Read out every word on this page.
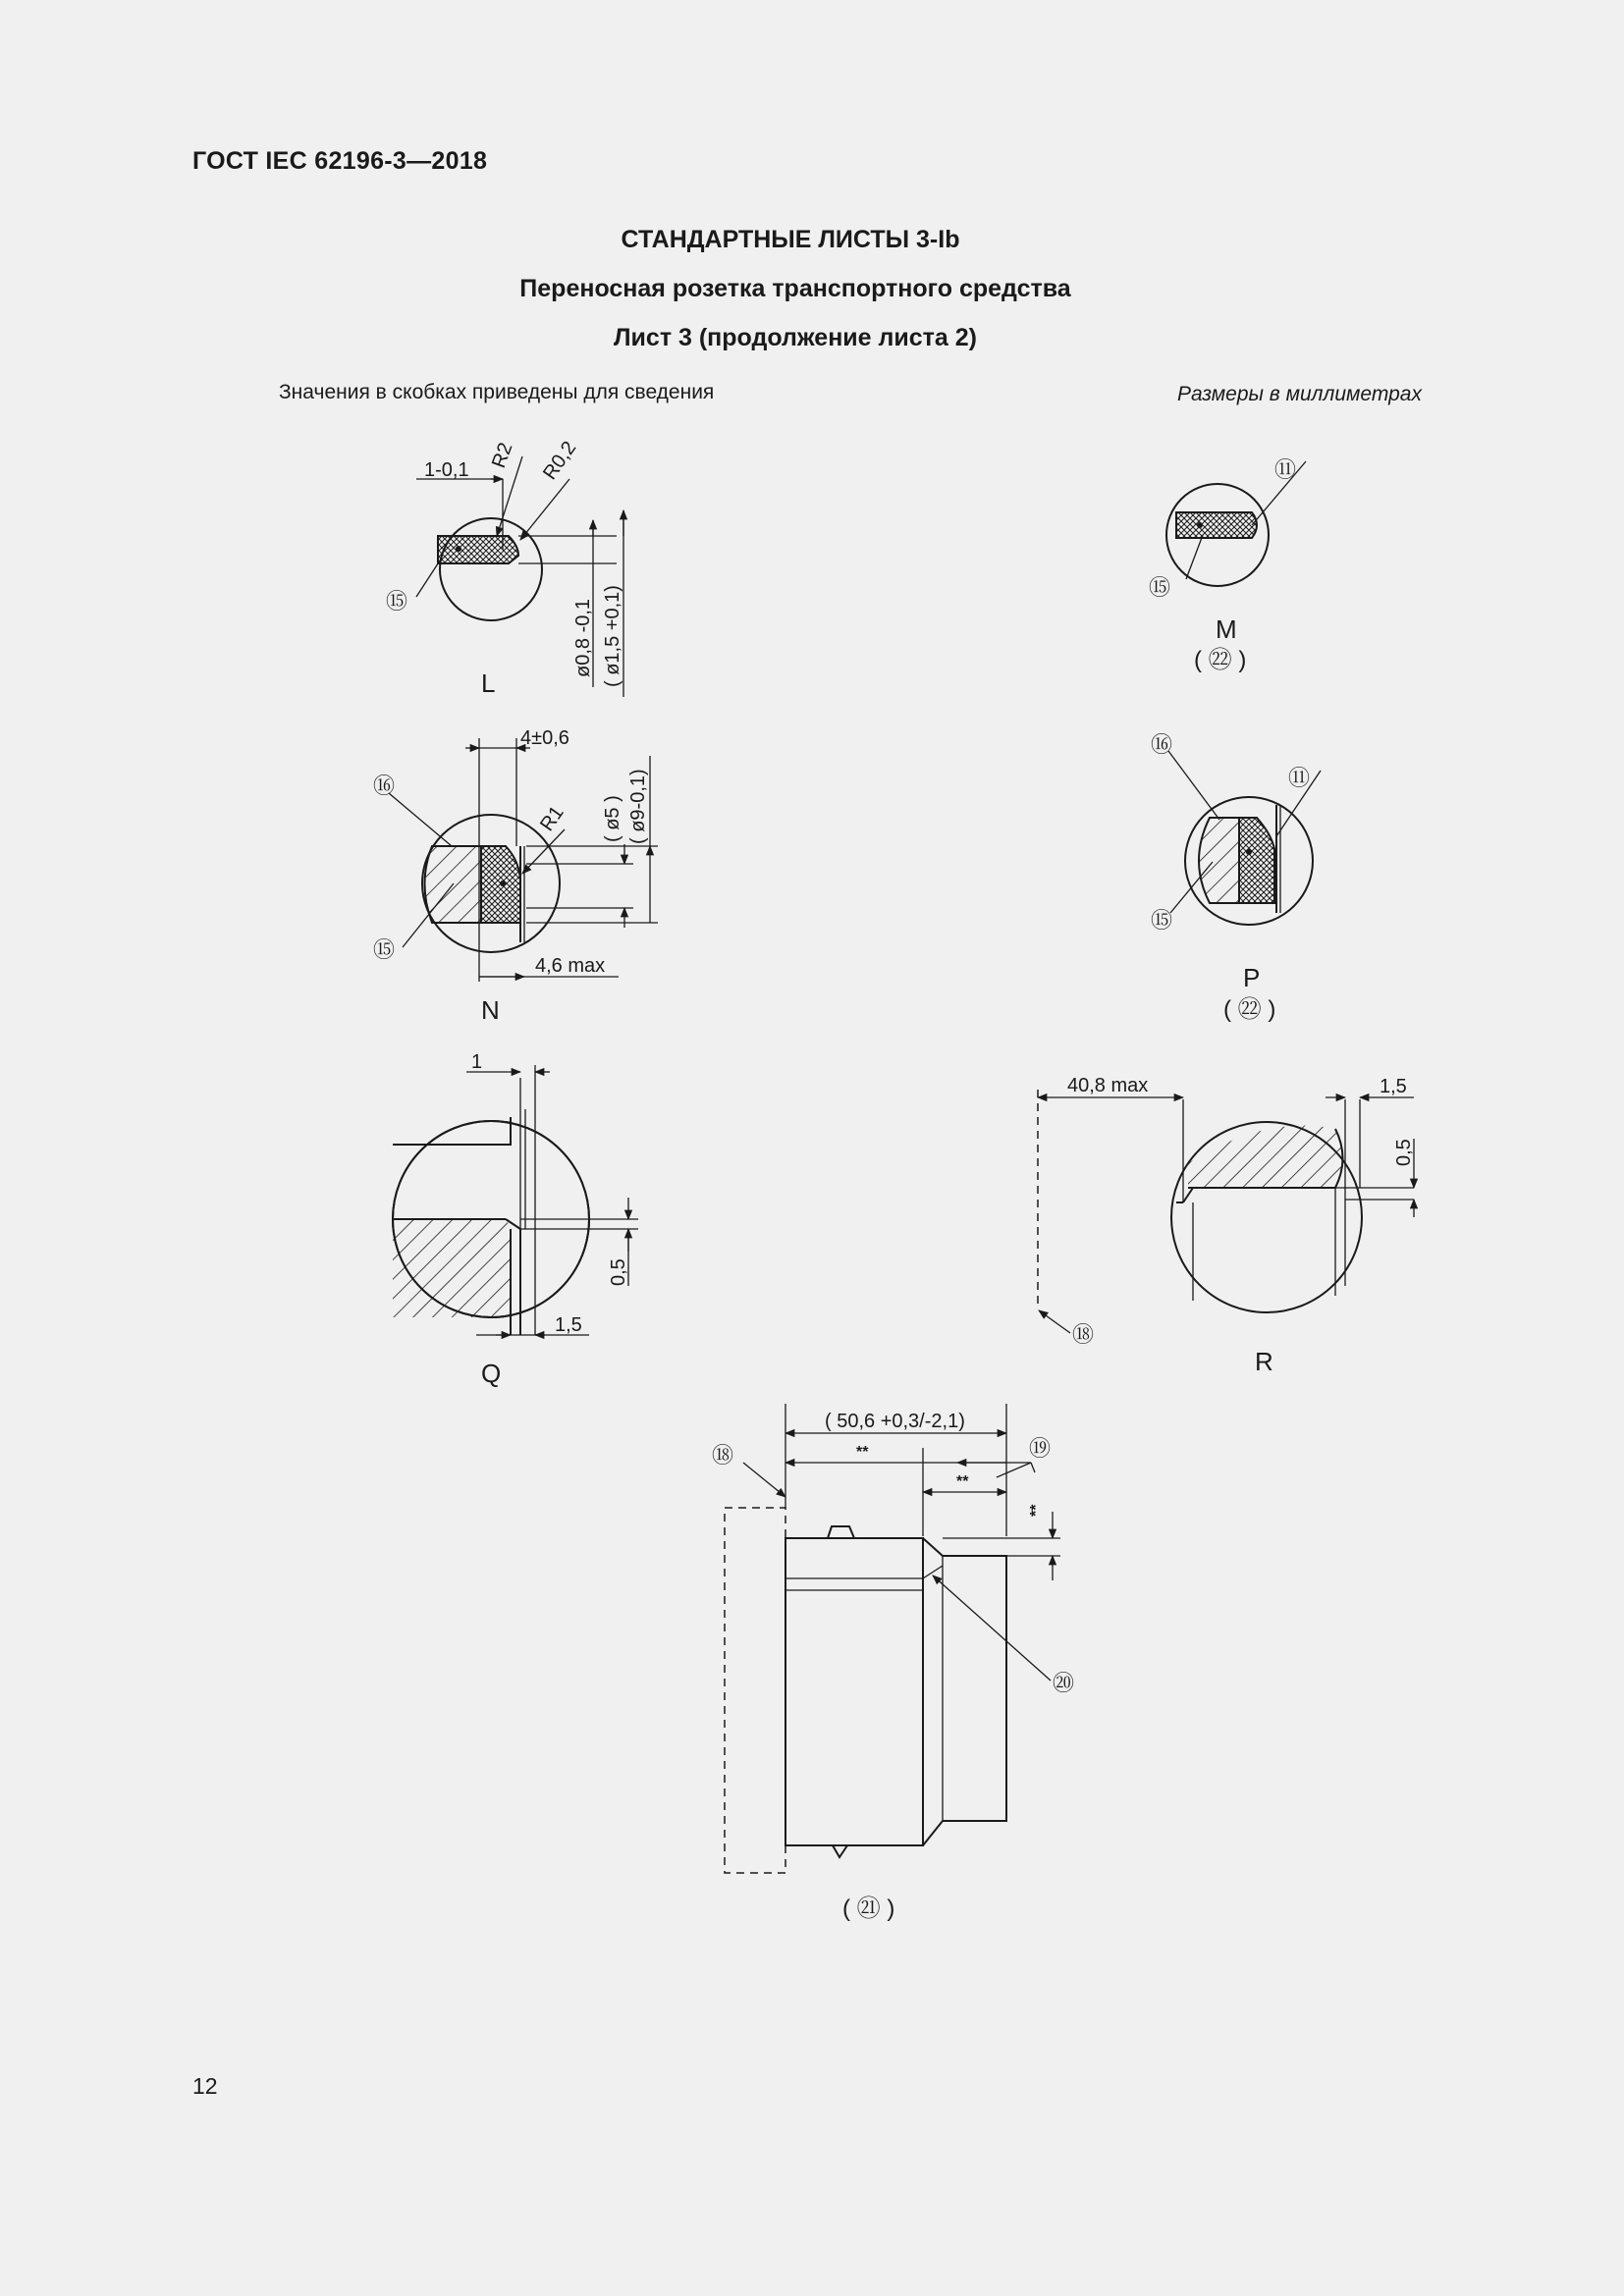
ГОСТ IEC 62196-3—2018
СТАНДАРТНЫЕ ЛИСТЫ 3-Ib
Переносная розетка транспортного средства
Лист 3 (продолжение листа 2)
Значения в скобках приведены для сведения	Размеры в миллиметрах
1-0,1 R2 R0,2
ø0,8 -0,1 ( ø1,5 +0,1)
⑮
L
⑪
⑮
M
( ㉒ )
4±0,6
R1 ( ø5 ) ( ø9-0,1)
4,6 max
⑯
⑮
N
⑯
⑪
⑮
P
( ㉒ )
1
0,5
1,5
Q
1,5
0,5
40,8 max
⑱
R
( 50,6 +0,3/-2,1)
**
**
**
⑲
⑱
⑳
( ㉑ )
12
